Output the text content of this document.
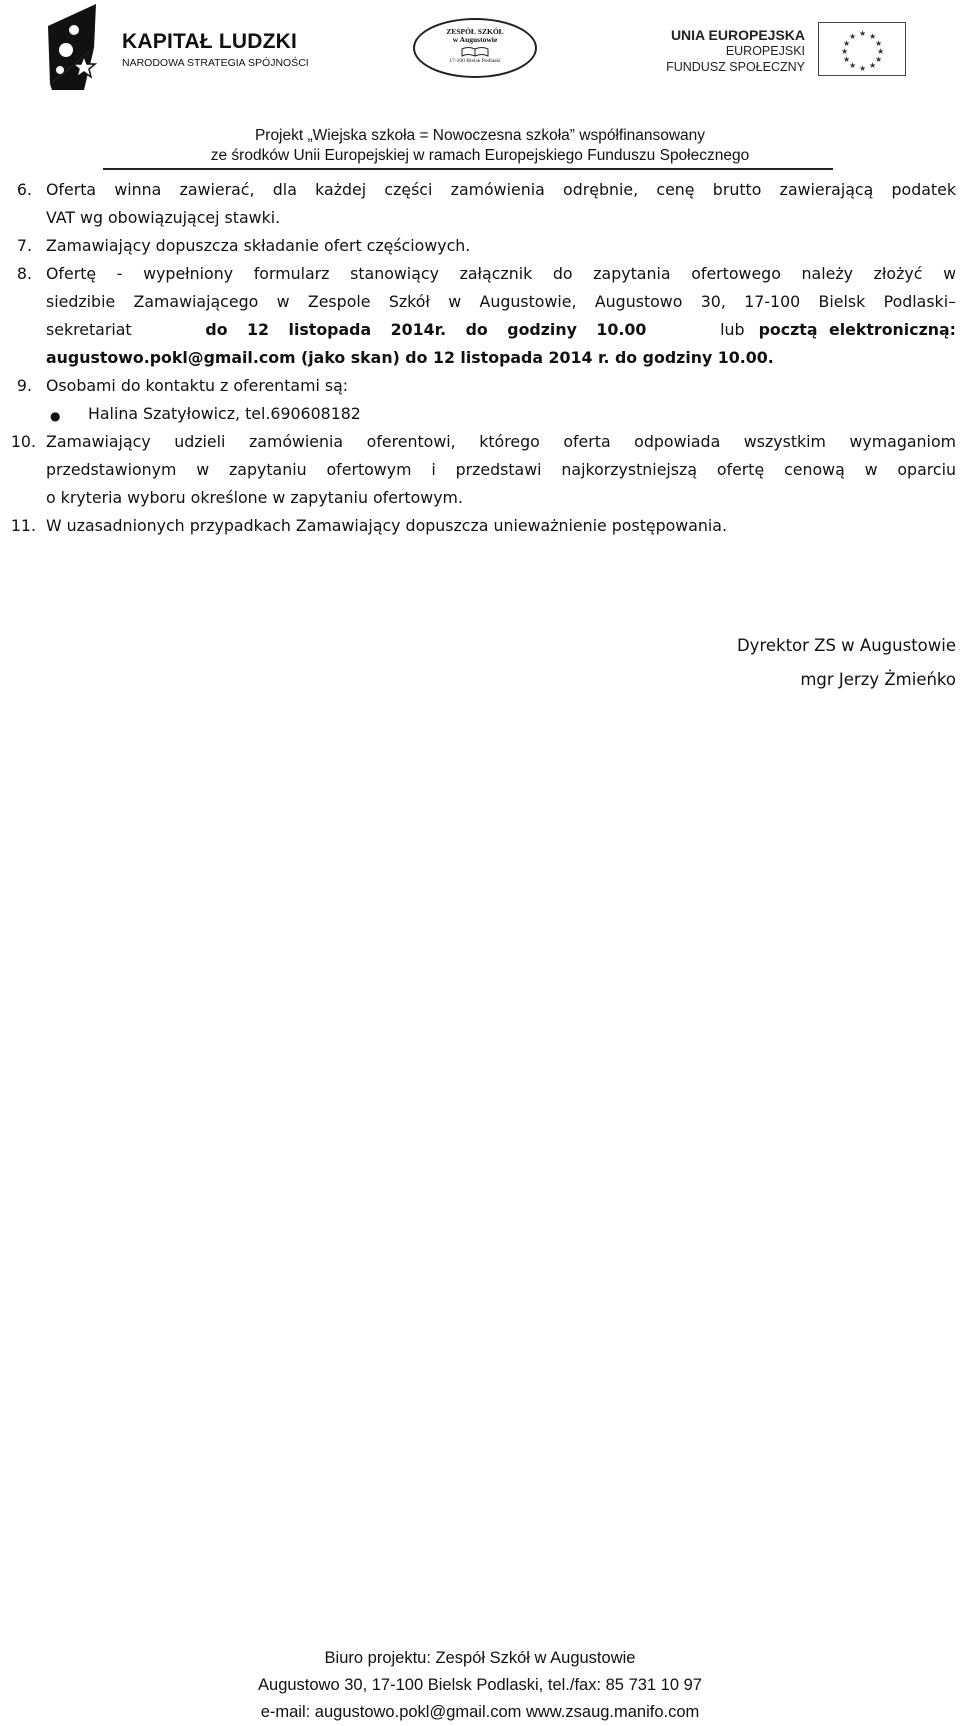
KAPITAŁ LUDZKI
NARODOWA STRATEGIA SPÓJNOŚCI
ZESPÓŁ SZKÓŁ
w Augustowie
17-100 Bielsk Podlaski
UNIA EUROPEJSKA
EUROPEJSKI
FUNDUSZ SPOŁECZNY
★ ★
★
★
★
★
★
★
★
★
★
★
Projekt „Wiejska szkoła = Nowoczesna szkoła” współfinansowany
ze środków Unii Europejskiej w ramach Europejskiego Funduszu Społecznego
6. Oferta winna zawierać, dla każdej części zamówienia odrębnie, cenę brutto zawierającą podatek
VAT wg obowiązującej stawki.
7. Zamawiający dopuszcza składanie ofert częściowych.
8. Ofertę - wypełniony formularz stanowiący załącznik do zapytania ofertowego należy złożyć w
siedzibie Zamawiającego w Zespole Szkół w Augustowie, Augustowo 30, 17-100 Bielsk Podlaski–
sekretariat	do 12 listopada 2014r. do godziny 10.00	lub pocztą elektroniczną:
augustowo.pokl@gmail.com (jako skan) do 12 listopada 2014 r. do godziny 10.00.
9. Osobami do kontaktu z oferentami są:
● Halina Szatyłowicz, tel.690608182
10. Zamawiający udzieli zamówienia oferentowi, którego oferta odpowiada wszystkim wymaganiom
przedstawionym w zapytaniu ofertowym i przedstawi najkorzystniejszą ofertę cenową w oparciu
o kryteria wyboru określone w zapytaniu ofertowym.
11. W uzasadnionych przypadkach Zamawiający dopuszcza unieważnienie postępowania.
Dyrektor ZS w Augustowie
mgr Jerzy Żmieńko
Biuro projektu: Zespół Szkół w Augustowie
Augustowo 30, 17-100 Bielsk Podlaski, tel./fax: 85 731 10 97
e-mail: augustowo.pokl@gmail.com www.zsaug.manifo.com
